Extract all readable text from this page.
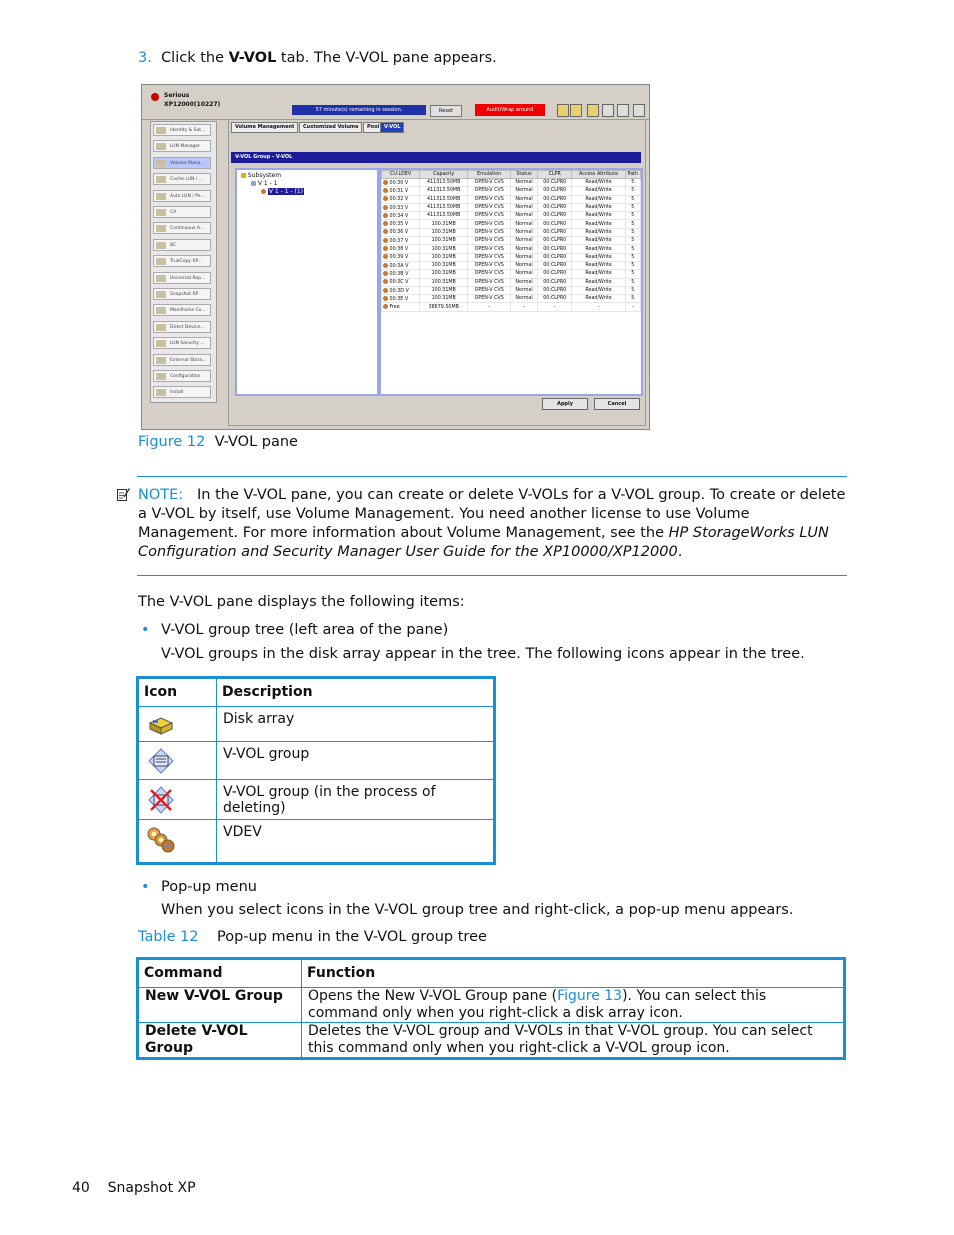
3. Click the V-VOL tab. The V-VOL pane appears.
Serious
XP12000(10227)
57 minute(s) remaining in session.	Reset	Audit/Wrap around
Identity & Sot...
LUN Manager
Volume Mana...
Cache LUN / ...
Auto LUN / Pe...
CA
Continuous A...
BC
TrueCopy XP...
Universal Rep...
Snapshot XP
Mainframe Co...
Direct Device...
LUN Security ...
External Stora...
Configuration
Install
Volume Management	Customized Volume	Pool V-VOL
V-VOL Group - V-VOL
Subsystem
V 1 - 1
V 1 - 1 - (1)
CU:LDEV	Capacity	Emulation	Status	CLPR	Access Attribute	Path
00:30 V	411313.50MB	OPEN-V CVS	Normal	00:CLPR0	Read/Write	5
00:31 V	411313.50MB	OPEN-V CVS	Normal	00:CLPR0	Read/Write	5
00:32 V	411313.50MB	OPEN-V CVS	Normal	00:CLPR0	Read/Write	5
00:33 V	411313.50MB	OPEN-V CVS	Normal	00:CLPR0	Read/Write	5
00:34 V	411313.50MB	OPEN-V CVS	Normal	00:CLPR0	Read/Write	5
00:35 V	100.31MB	OPEN-V CVS	Normal	00:CLPR0	Read/Write	5
00:36 V	100.31MB	OPEN-V CVS	Normal	00:CLPR0	Read/Write	5
00:37 V	100.31MB	OPEN-V CVS	Normal	00:CLPR0	Read/Write	5
00:38 V	100.31MB	OPEN-V CVS	Normal	00:CLPR0	Read/Write	5
00:39 V	100.31MB	OPEN-V CVS	Normal	00:CLPR0	Read/Write	5
00:3A V	100.31MB	OPEN-V CVS	Normal	00:CLPR0	Read/Write	5
00:3B V	100.31MB	OPEN-V CVS	Normal	00:CLPR0	Read/Write	5
00:3C V	100.31MB	OPEN-V CVS	Normal	00:CLPR0	Read/Write	5
00:3D V	100.31MB	OPEN-V CVS	Normal	00:CLPR0	Read/Write	5
00:3E V	100.31MB	OPEN-V CVS	Normal	00:CLPR0	Read/Write	5
Free	38679.50MB	-	-	-	-	-
Apply	Cancel
Figure 12 V-VOL pane
NOTE: In the V-VOL pane, you can create or delete V-VOLs for a V-VOL group. To create or delete a V-VOL by itself, use Volume Management. You need another license to use Volume Management. For more information about Volume Management, see the HP StorageWorks LUN Configuration and Security Manager User Guide for the XP10000/XP12000.
The V-VOL pane displays the following items:
• V-VOL group tree (left area of the pane)
V-VOL groups in the disk array appear in the tree. The following icons appear in the tree.
Icon	Description
	Disk array
	V-VOL group
	V-VOL group (in the process of deleting)
	VDEV
• Pop-up menu
When you select icons in the V-VOL group tree and right-click, a pop-up menu appears.
Table 12 Pop-up menu in the V-VOL group tree
Command	Function
New V-VOL Group	Opens the New V-VOL Group pane (Figure 13). You can select this command only when you right-click a disk array icon.
Delete V-VOL Group	Deletes the V-VOL group and V-VOLs in that V-VOL group. You can select this command only when you right-click a V-VOL group icon.
40 Snapshot XP
